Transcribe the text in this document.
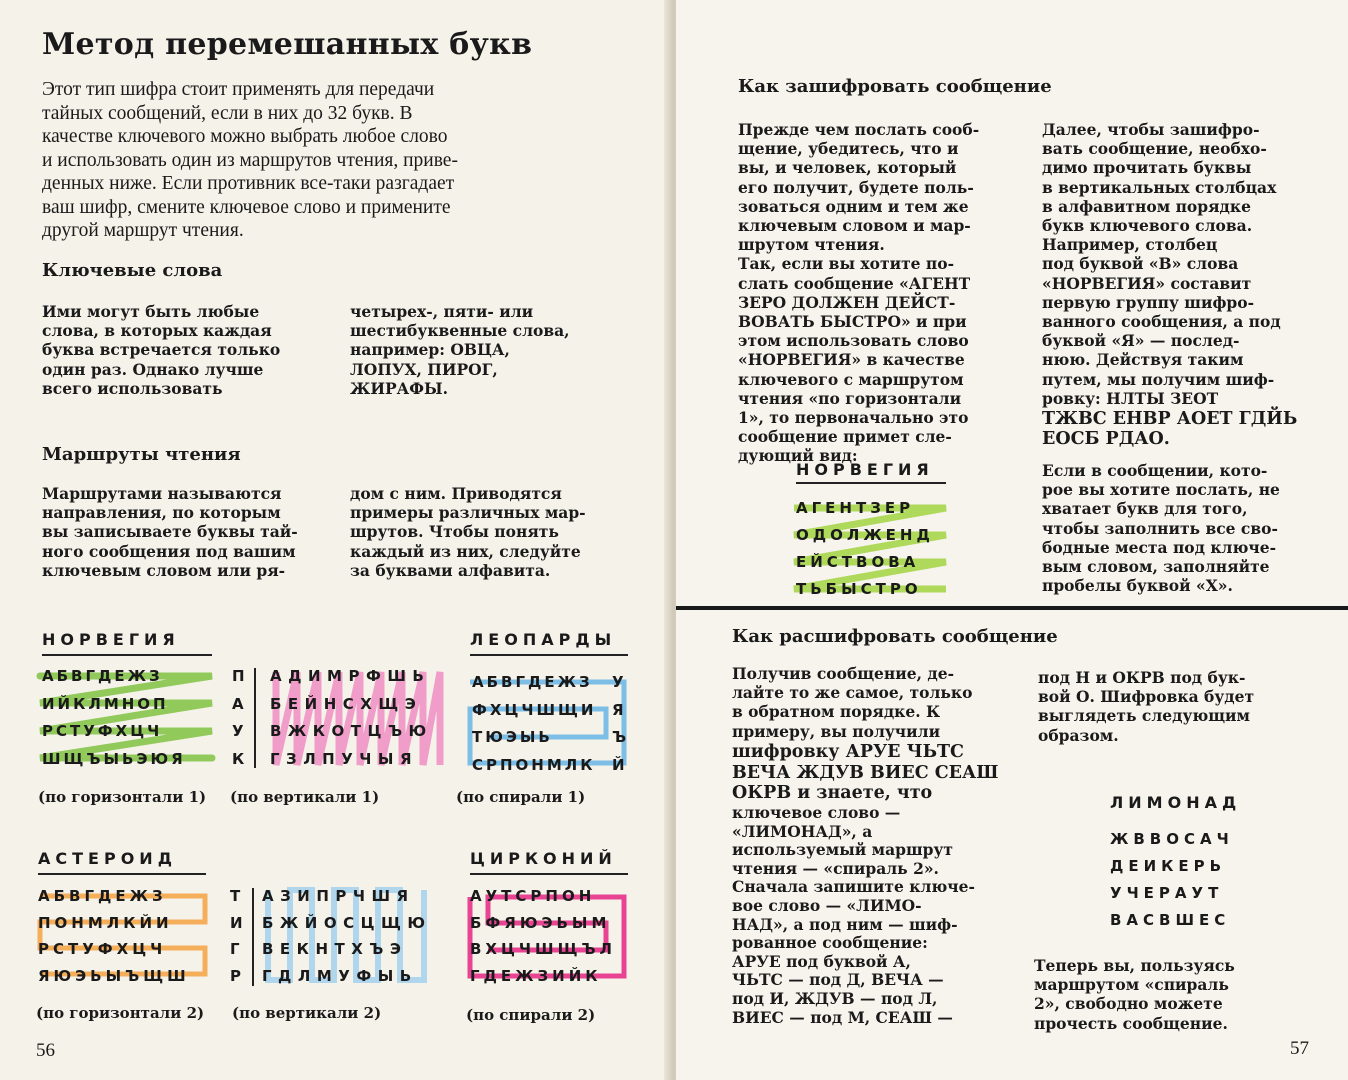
Метод перемешанных букв
Этот тип шифра стоит применять для передачи
тайных сообщений, если в них до 32 букв. В
качестве ключевого можно выбрать любое слово
и использовать один из маршрутов чтения, приве-
денных ниже. Если противник все-таки разгадает
ваш шифр, смените ключевое слово и примените
другой маршрут чтения.
Ключевые слова
Ими могут быть любые
слова, в которых каждая
буква встречается только
один раз. Однако лучше
всего использовать
четырех-, пяти- или
шестибуквенные слова,
например: ОВЦА,
ЛОПУХ, ПИРОГ,
ЖИРАФЫ.
Маршруты чтения
Маршрутами называются
направления, по которым
вы записываете буквы тай-
ного сообщения под вашим
ключевым словом или ря-
дом с ним. Приводятся
примеры различных мар-
шрутов. Чтобы понять
каждый из них, следуйте
за буквами алфавита.
НОРВЕГИЯ
АБВГДЕЖЗ
ИЙКЛМНОП
РСТУФХЦЧ
ШЩЪЫЬЭЮЯ
(по горизонтали 1)
П
А
У
К
АДИМРФШЬ
БЕЙНСХЩЭ
ВЖКОТЦЪЮ
ГЗЛПУЧЫЯ
(по вертикали 1)
ЛЕОПАРДЫ
АБВГДЕЖЗ
ФХЦЧШЩИ
ТЮЭЫЬ
СРПОНМЛК
У
Я
Ъ
Й
(по спирали 1)
АСТЕРОИД
АБВГДЕЖЗ
ПОНМЛКЙИ
РСТУФХЦЧ
ЯЮЭЬЫЪЩШ
(по горизонтали 2)
Т
И
Г
Р
АЗИПРЧШЯ
БЖЙОСЦЩЮ
ВЕКНТХЪЭ
ГДЛМУФЫЬ
(по вертикали 2)
ЦИРКОНИЙ
АУТСРПОН
БФЯЮЭЬЫМ
ВХЦЧШЩЪЛ
ГДЕЖЗИЙК
(по спирали 2)
56
Как зашифровать сообщение
Прежде чем послать сооб-
щение, убедитесь, что и
вы, и человек, который
его получит, будете поль-
зоваться одним и тем же
ключевым словом и мар-
шрутом чтения.
Так, если вы хотите по-
слать сообщение «АГЕНТ
ЗЕРО ДОЛЖЕН ДЕЙСТ-
ВОВАТЬ БЫСТРО» и при
этом использовать слово
«НОРВЕГИЯ» в качестве
ключевого с маршрутом
чтения «по горизонтали
1», то первоначально это
сообщение примет сле-
дующий вид:
НОРВЕГИЯ
АГЕНТЗЕР
ОДОЛЖЕНД
ЕЙСТВОВА
ТЬБЫСТРО
Далее, чтобы зашифро-
вать сообщение, необхо-
димо прочитать буквы
в вертикальных столбцах
в алфавитном порядке
букв ключевого слова.
Например, столбец
под буквой «В» слова
«НОРВЕГИЯ» составит
первую группу шифро-
ванного сообщения, а под
буквой «Я» — послед-
нюю. Действуя таким
путем, мы получим шиф-
ровку: НЛТЫ ЗЕОТ
ТЖВС ЕНВР АОЕТ ГДЙЬ
ЕОСБ РДАО.
Если в сообщении, кото-
рое вы хотите послать, не
хватает букв для того,
чтобы заполнить все сво-
бодные места под ключе-
вым словом, заполняйте
пробелы буквой «Х».
Как расшифровать сообщение
Получив сообщение, де-
лайте то же самое, только
в обратном порядке. К
примеру, вы получили
шифровку АРУЕ ЧЬТС
ВЕЧА ЖДУВ ВИЕС СЕАШ
ОКРВ и знаете, что
ключевое слово —
«ЛИМОНАД», а
используемый маршрут
чтения — «спираль 2».
Сначала запишите ключе-
вое слово — «ЛИМО-
НАД», а под ним — шиф-
рованное сообщение:
АРУЕ под буквой А,
ЧЬТС — под Д, ВЕЧА —
под И, ЖДУВ — под Л,
ВИЕС — под М, СЕАШ —
под Н и ОКРВ под бук-
вой О. Шифровка будет
выглядеть следующим
образом.
ЛИМОНАД
ЖВВОСАЧ
ДЕИКЕРЬ
УЧЕРАУТ
ВАСВШЕС
Теперь вы, пользуясь
маршрутом «спираль
2», свободно можете
прочесть сообщение.
57
